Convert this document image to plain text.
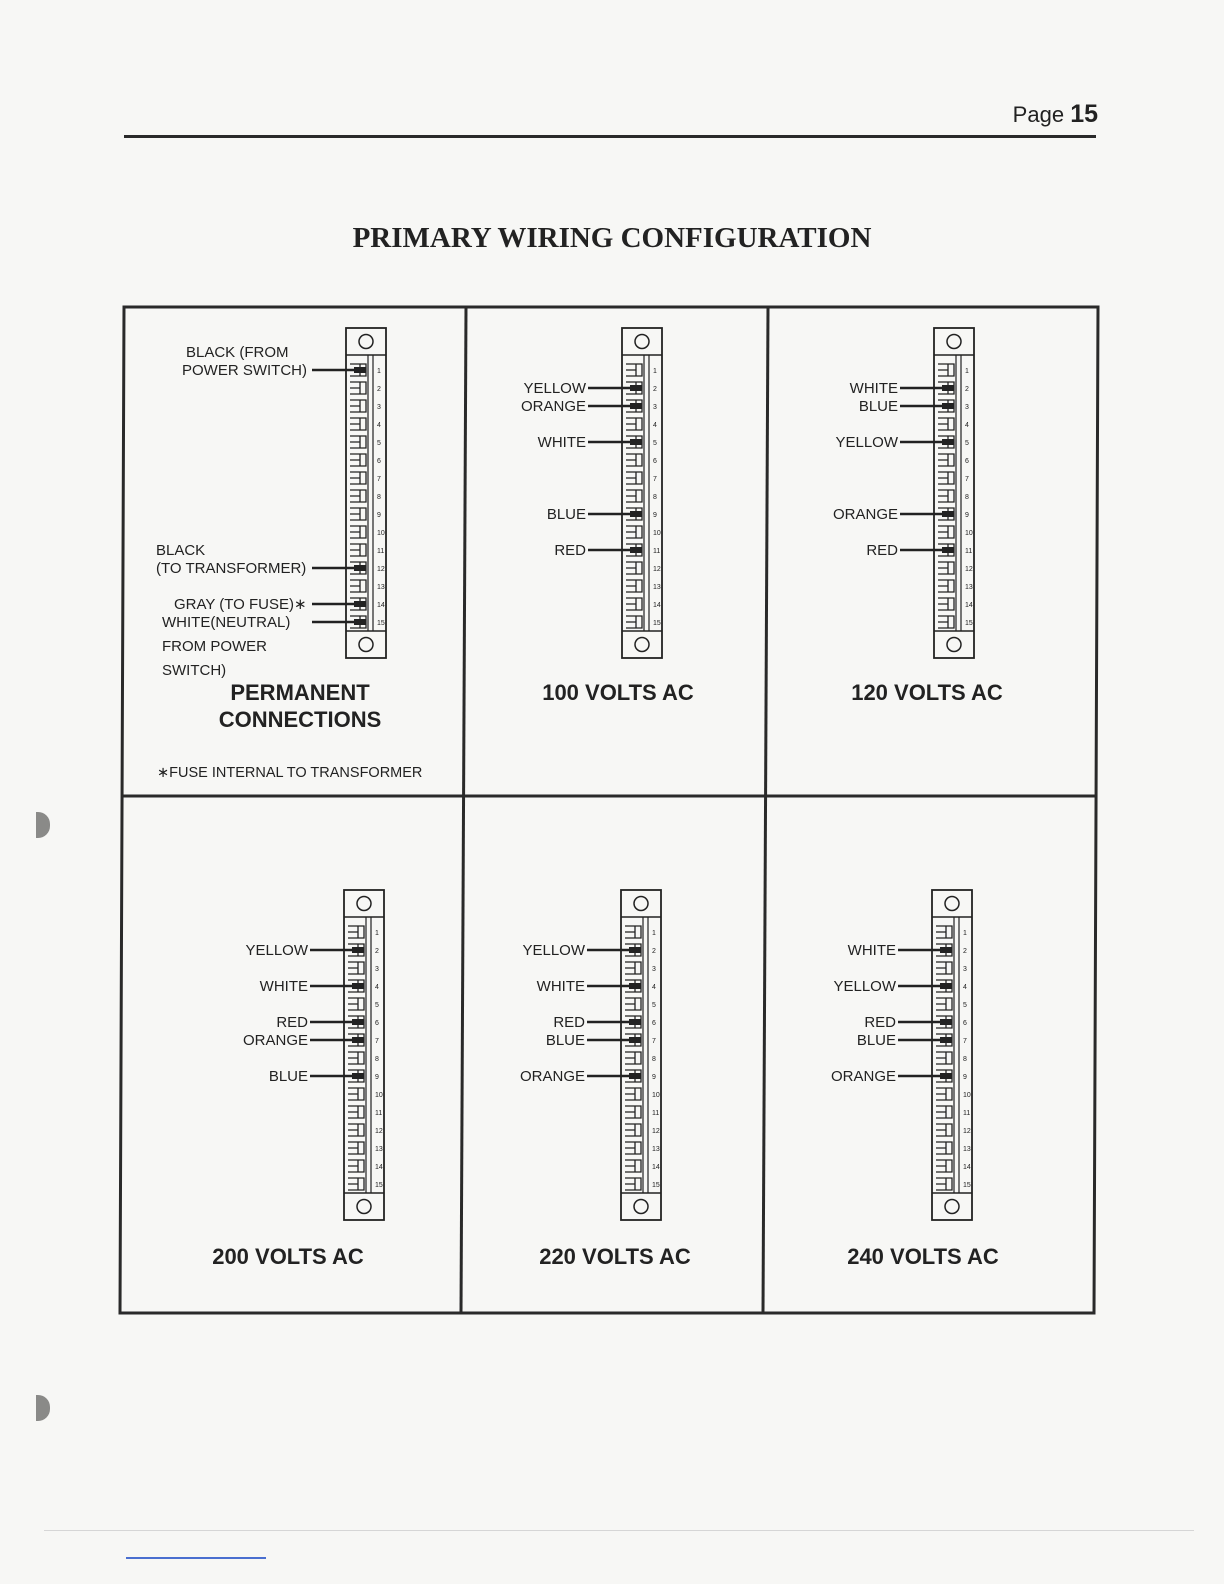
Page 15
PRIMARY WIRING CONFIGURATION
1
2
3
4
5
6
7
8
9
10
11
12
13
14
15
BLACK (FROM
POWER SWITCH)
BLACK
(TO TRANSFORMER)
GRAY (TO FUSE)∗
WHITE(NEUTRAL)
FROM POWER
SWITCH)
PERMANENT
CONNECTIONS
∗FUSE INTERNAL TO TRANSFORMER
1
2
3
4
5
6
7
8
9
10
11
12
13
14
15
YELLOW
ORANGE
WHITE
BLUE
RED
100 VOLTS AC
1
2
3
4
5
6
7
8
9
10
11
12
13
14
15
WHITE
BLUE
YELLOW
ORANGE
RED
120 VOLTS AC
1
2
3
4
5
6
7
8
9
10
11
12
13
14
15
YELLOW
WHITE
RED
ORANGE
BLUE
200 VOLTS AC
1
2
3
4
5
6
7
8
9
10
11
12
13
14
15
YELLOW
WHITE
RED
BLUE
ORANGE
220 VOLTS AC
1
2
3
4
5
6
7
8
9
10
11
12
13
14
15
WHITE
YELLOW
RED
BLUE
ORANGE
240 VOLTS AC
